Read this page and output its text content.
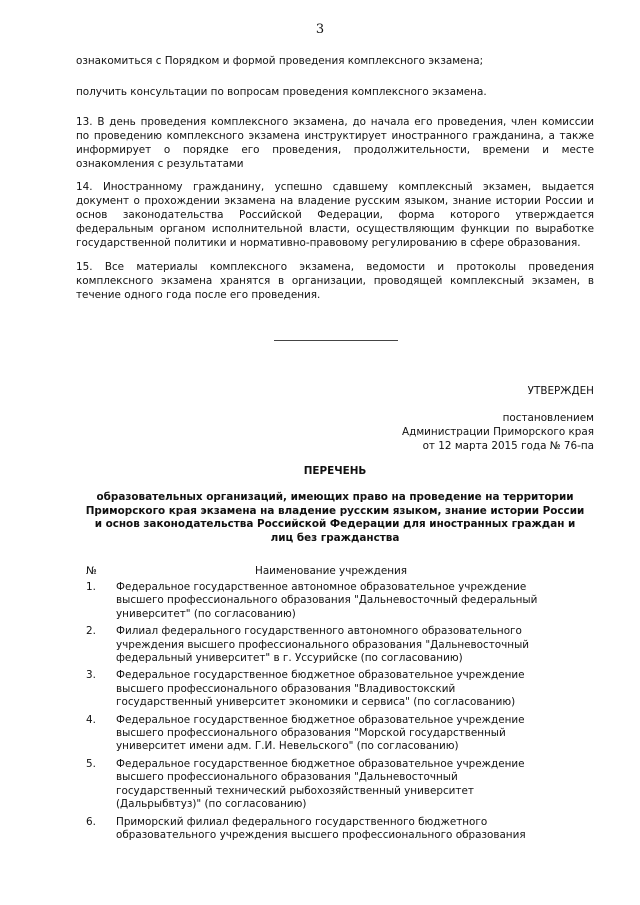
3
ознакомиться с Порядком и формой проведения комплексного экзамена;
получить консультации по вопросам проведения комплексного экзамена.
13. В день проведения комплексного экзамена, до начала его проведения, член комиссии
по проведению комплексного экзамена инструктирует иностранного гражданина, а также
информирует о порядке его проведения, продолжительности, времени и месте
ознакомления с результатами
14. Иностранному гражданину, успешно сдавшему комплексный экзамен, выдается
документ о прохождении экзамена на владение русским языком, знание истории России и
основ законодательства Российской Федерации, форма которого утверждается
федеральным органом исполнительной власти, осуществляющим функции по выработке
государственной политики и нормативно-правовому регулированию в сфере образования.
15. Все материалы комплексного экзамена, ведомости и протоколы проведения
комплексного экзамена хранятся в организации, проводящей комплексный экзамен, в
течение одного года после его проведения.
УТВЕРЖДЕН
постановлением
Администрации Приморского края
от 12 марта 2015 года № 76-па
ПЕРЕЧЕНЬ
образовательных организаций, имеющих право на проведение на территории
Приморского края экзамена на владение русским языком, знание истории России
и основ законодательства Российской Федерации для иностранных граждан и
лиц без гражданства
№	Наименование учреждения
1.	Федеральное государственное автономное образовательное учреждение
высшего профессионального образования "Дальневосточный федеральный
университет" (по согласованию)
2.	Филиал федерального государственного автономного образовательного
учреждения высшего профессионального образования "Дальневосточный
федеральный университет" в г. Уссурийске (по согласованию)
3.	Федеральное государственное бюджетное образовательное учреждение
высшего профессионального образования "Владивостокский
государственный университет экономики и сервиса" (по согласованию)
4.	Федеральное государственное бюджетное образовательное учреждение
высшего профессионального образования "Морской государственный
университет имени адм. Г.И. Невельского" (по согласованию)
5.	Федеральное государственное бюджетное образовательное учреждение
высшего профессионального образования "Дальневосточный
государственный технический рыбохозяйственный университет
(Дальрыбвтуз)" (по согласованию)
6.	Приморский филиал федерального государственного бюджетного
образовательного учреждения высшего профессионального образования
